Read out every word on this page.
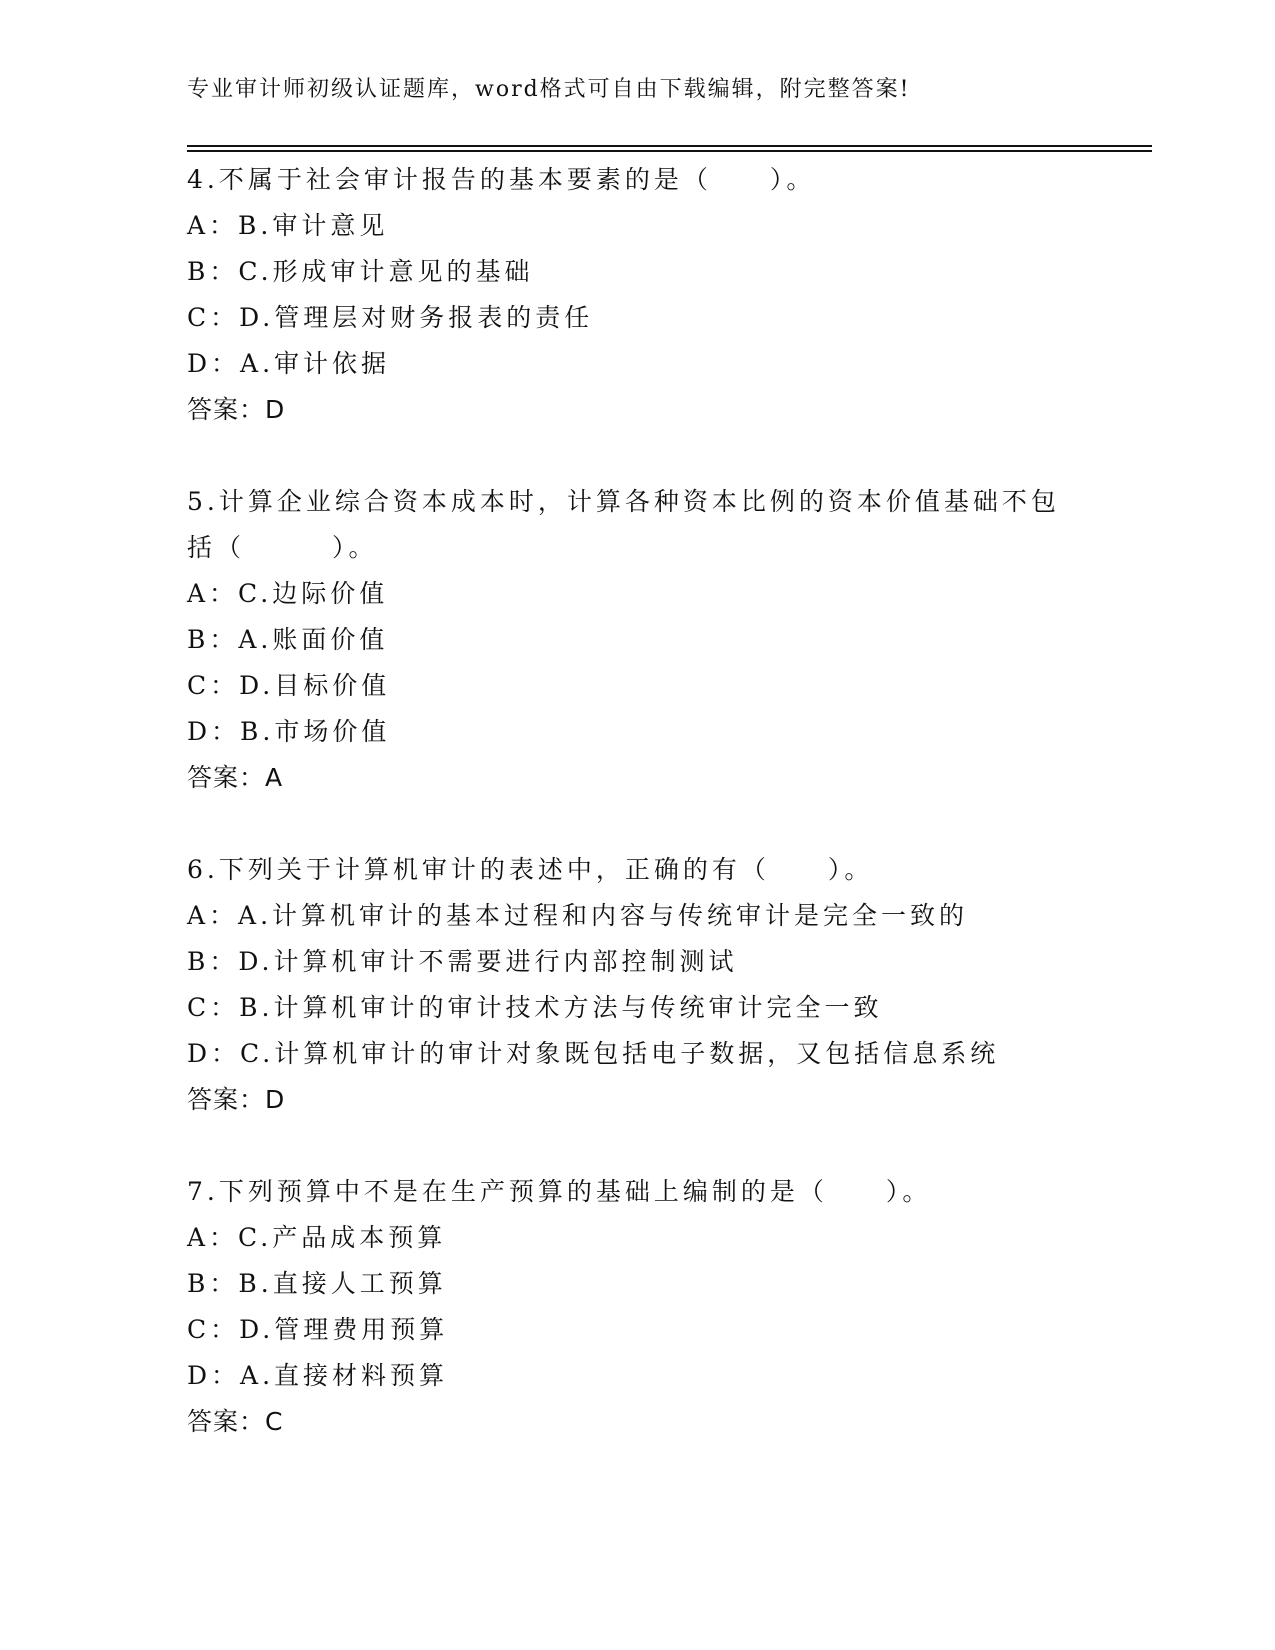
专业审计师初级认证题库，word格式可自由下载编辑，附完整答案!
4.不属于社会审计报告的基本要素的是（　　）。
A：B.审计意见
B：C.形成审计意见的基础
C：D.管理层对财务报表的责任
D：A.审计依据
答案：D
5.计算企业综合资本成本时，计算各种资本比例的资本价值基础不包括（　　　）。
A：C.边际价值
B：A.账面价值
C：D.目标价值
D：B.市场价值
答案：A
6.下列关于计算机审计的表述中，正确的有（　　）。
A：A.计算机审计的基本过程和内容与传统审计是完全一致的
B：D.计算机审计不需要进行内部控制测试
C：B.计算机审计的审计技术方法与传统审计完全一致
D：C.计算机审计的审计对象既包括电子数据，又包括信息系统
答案：D
7.下列预算中不是在生产预算的基础上编制的是（　　）。
A：C.产品成本预算
B：B.直接人工预算
C：D.管理费用预算
D：A.直接材料预算
答案：C
